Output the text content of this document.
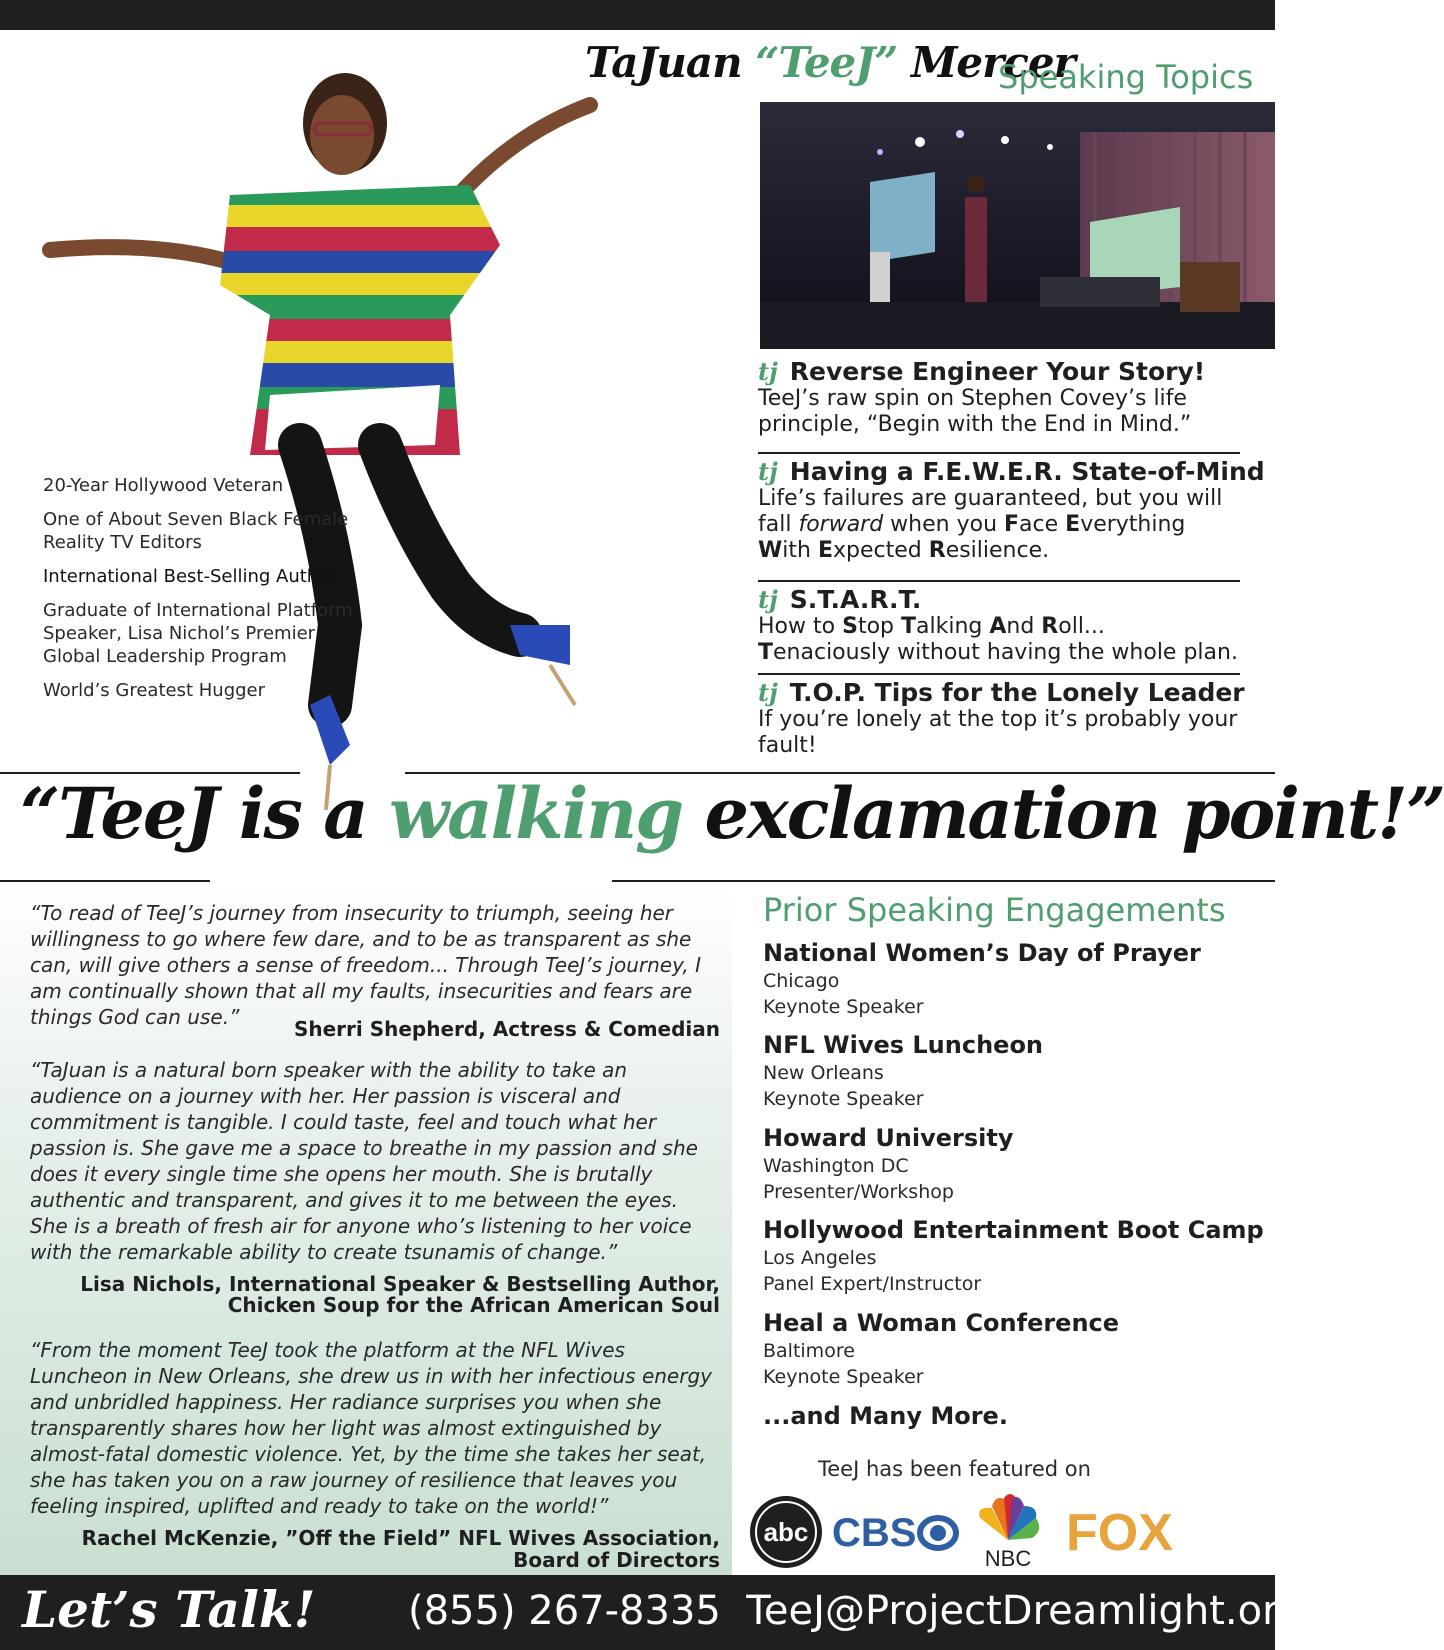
TaJuan “TeeJ” Mercer
Speaking Topics
tj Reverse Engineer Your Story!
TeeJ’s raw spin on Stephen Covey’s life principle, “Begin with the End in Mind.”
tj Having a F.E.W.E.R. State-of-Mind
Life’s failures are guaranteed, but you will fall forward when you Face Everything With Expected Resilience.
tj S.T.A.R.T.
How to Stop Talking And Roll... Tenaciously without having the whole plan.
tj T.O.P. Tips for the Lonely Leader
If you’re lonely at the top it’s probably your fault!
20-Year Hollywood Veteran
One of About Seven Black Female Reality TV Editors
International Best-Selling Author
Graduate of International Platform Speaker, Lisa Nichol’s Premier Global Leadership Program
World’s Greatest Hugger
“TeeJ is a walking exclamation point!”
“To read of TeeJ’s journey from insecurity to triumph, seeing her willingness to go where few dare, and to be as transparent as she can, will give others a sense of freedom... Through TeeJ’s journey, I am continually shown that all my faults, insecurities and fears are things God can use.”	Sherri Shepherd, Actress & Comedian
“TaJuan is a natural born speaker with the ability to take an audience on a journey with her. Her passion is visceral and commitment is tangible. I could taste, feel and touch what her passion is. She gave me a space to breathe in my passion and she does it every single time she opens her mouth. She is brutally authentic and transparent, and gives it to me between the eyes. She is a breath of fresh air for anyone who’s listening to her voice with the remarkable ability to create tsunamis of change.”
Lisa Nichols, International Speaker & Bestselling Author,
Chicken Soup for the African American Soul
“From the moment TeeJ took the platform at the NFL Wives Luncheon in New Orleans, she drew us in with her infectious energy and unbridled happiness. Her radiance surprises you when she transparently shares how her light was almost extinguished by almost-fatal domestic violence. Yet, by the time she takes her seat, she has taken you on a raw journey of resilience that leaves you feeling inspired, uplifted and ready to take on the world!”
Rachel McKenzie, ”Off the Field” NFL Wives Association,
Board of Directors
Prior Speaking Engagements
National Women’s Day of Prayer
Chicago
Keynote Speaker
NFL Wives Luncheon
New Orleans
Keynote Speaker
Howard University
Washington DC
Presenter/Workshop
Hollywood Entertainment Boot Camp
Los Angeles
Panel Expert/Instructor
Heal a Woman Conference
Baltimore
Keynote Speaker
...and Many More.
TeeJ has been featured on
abc CBS
NBC FOX
Let’s Talk! (855) 267-8335 TeeJ@ProjectDreamlight.org
